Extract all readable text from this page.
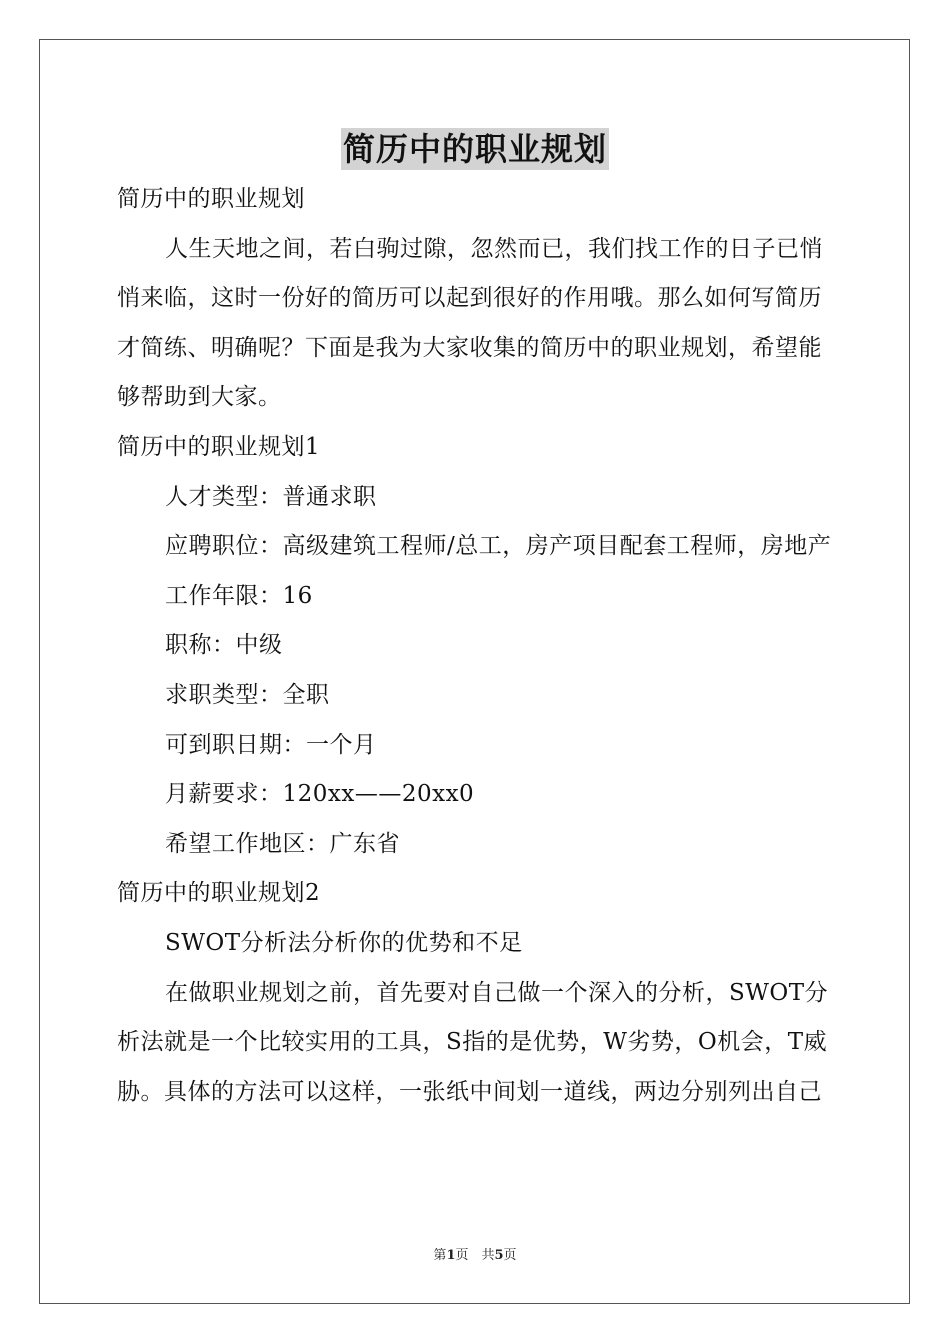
简历中的职业规划

简历中的职业规划

人生天地之间，若白驹过隙，忽然而已，我们找工作的日子已悄悄来临，这时一份好的简历可以起到很好的作用哦。那么如何写简历才简练、明确呢？下面是我为大家收集的简历中的职业规划，希望能够帮助到大家。

简历中的职业规划1

人才类型：普通求职

应聘职位：高级建筑工程师/总工，房产项目配套工程师，房地产

工作年限：16

职称：中级

求职类型：全职

可到职日期：一个月

月薪要求：120xx——20xx0

希望工作地区：广东省

简历中的职业规划2

SWOT分析法分析你的优势和不足

在做职业规划之前，首先要对自己做一个深入的分析，SWOT分析法就是一个比较实用的工具，S指的是优势，W劣势，O机会，T威胁。具体的方法可以这样，一张纸中间划一道线，两边分别列出自己

第1页　共5页
